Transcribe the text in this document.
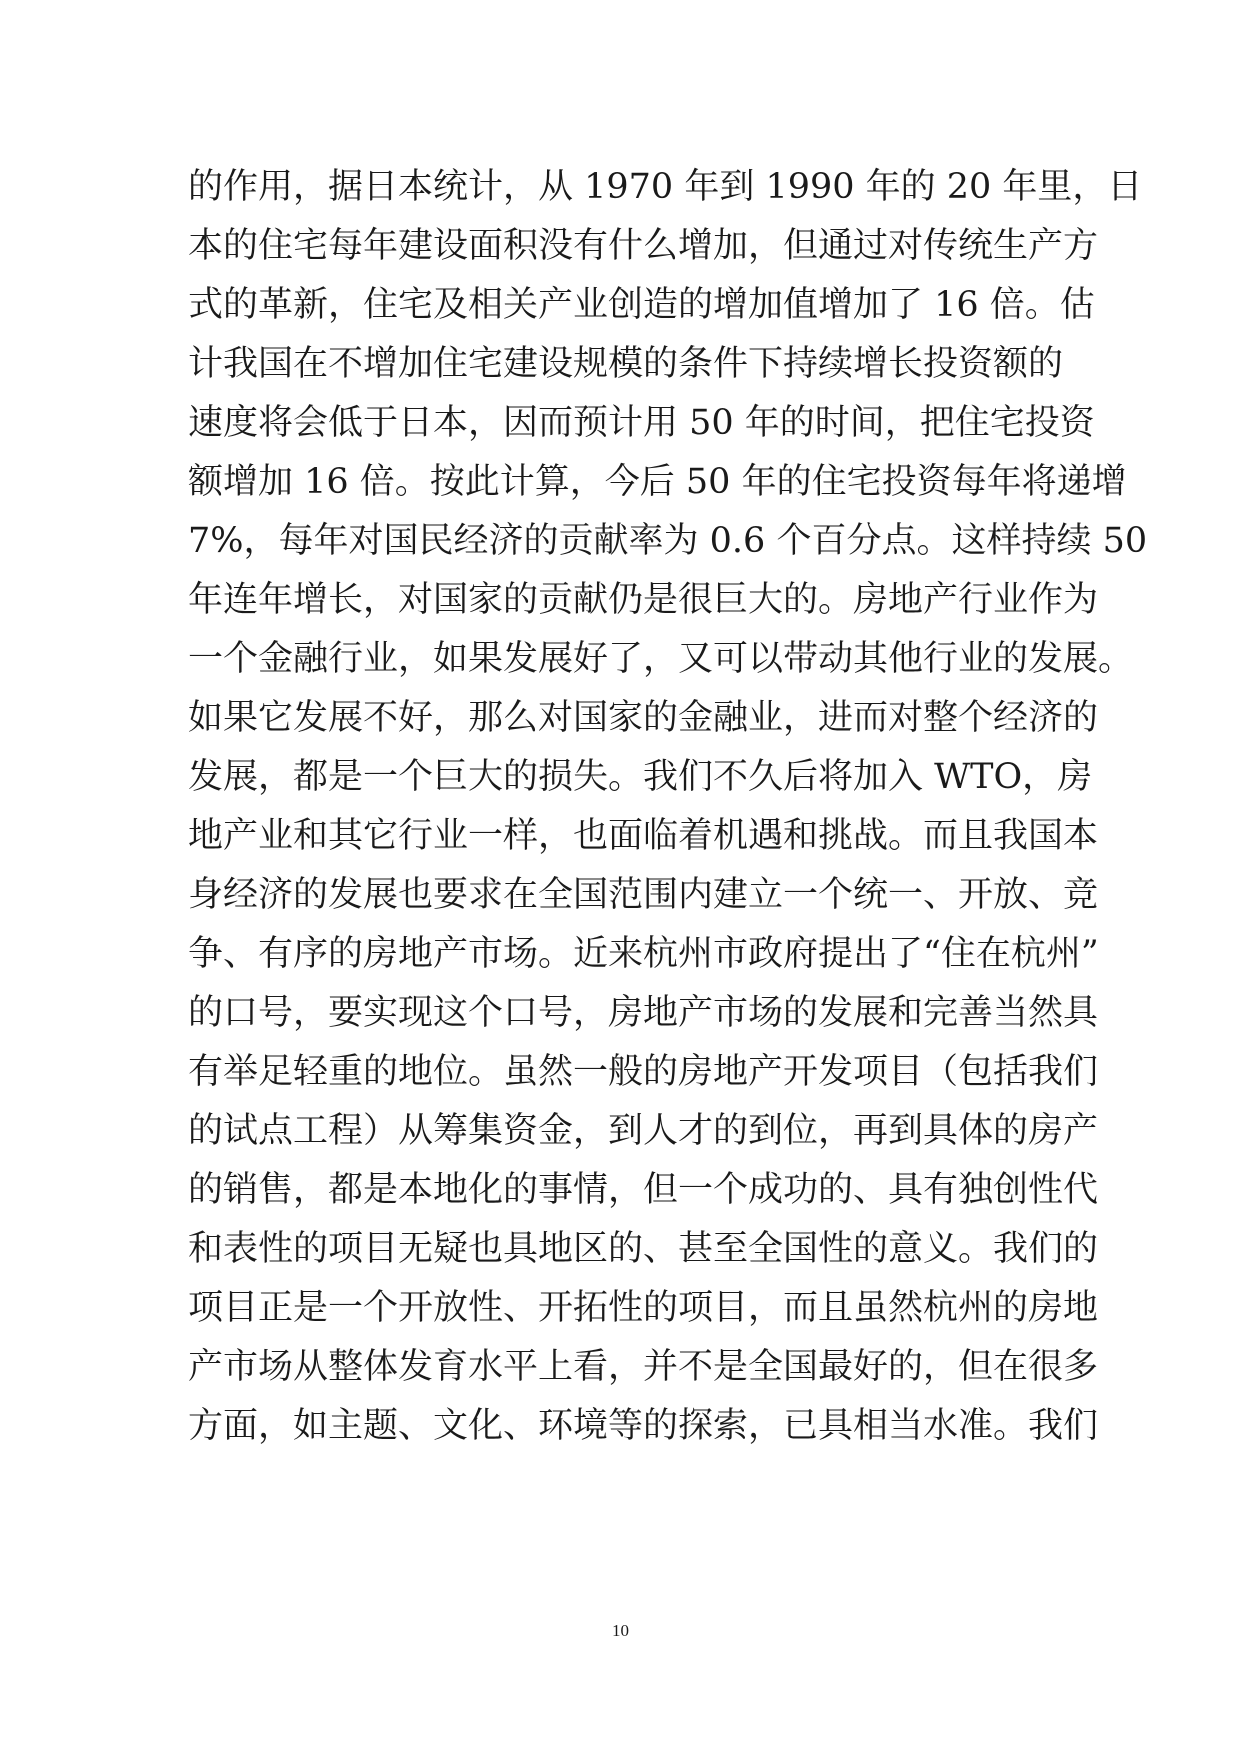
的作用，据日本统计，从 1970 年到 1990 年的 20 年里，日
本的住宅每年建设面积没有什么增加，但通过对传统生产方
式的革新，住宅及相关产业创造的增加值增加了 16 倍。估
计我国在不增加住宅建设规模的条件下持续增长投资额的
速度将会低于日本，因而预计用 50 年的时间，把住宅投资
额增加 16 倍。按此计算，今后 50 年的住宅投资每年将递增
7%，每年对国民经济的贡献率为 0.6 个百分点。这样持续 50
年连年增长，对国家的贡献仍是很巨大的。房地产行业作为
一个金融行业，如果发展好了，又可以带动其他行业的发展。
如果它发展不好，那么对国家的金融业，进而对整个经济的
发展，都是一个巨大的损失。我们不久后将加入 WTO，房
地产业和其它行业一样，也面临着机遇和挑战。而且我国本
身经济的发展也要求在全国范围内建立一个统一、开放、竞
争、有序的房地产市场。近来杭州市政府提出了“住在杭州”
的口号，要实现这个口号，房地产市场的发展和完善当然具
有举足轻重的地位。虽然一般的房地产开发项目（包括我们
的试点工程）从筹集资金，到人才的到位，再到具体的房产
的销售，都是本地化的事情，但一个成功的、具有独创性代
和表性的项目无疑也具地区的、甚至全国性的意义。我们的
项目正是一个开放性、开拓性的项目，而且虽然杭州的房地
产市场从整体发育水平上看，并不是全国最好的，但在很多
方面，如主题、文化、环境等的探索，已具相当水准。我们
10
